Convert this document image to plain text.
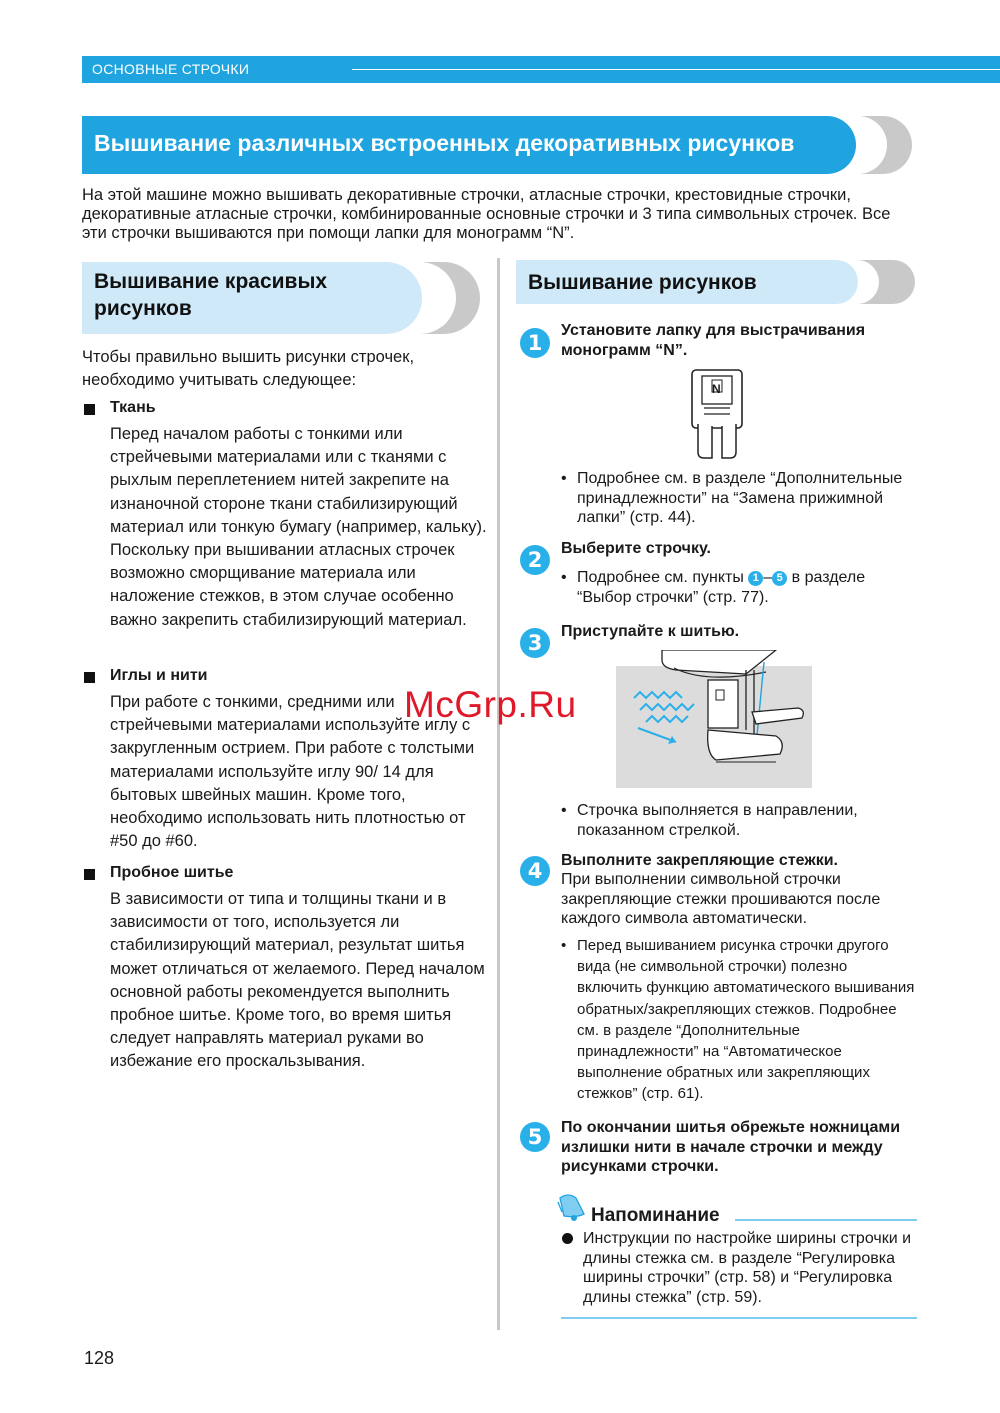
ОСНОВНЫЕ СТРОЧКИ
Вышивание различных встроенных декоративных рисунков
На этой машине можно вышивать декоративные строчки, атласные строчки, крестовидные строчки, декоративные атласные строчки, комбинированные основные строчки и 3 типа символьных строчек. Все эти строчки вышиваются при помощи лапки для монограмм “N”.
Вышивание красивых
рисунков
Вышивание рисунков
Чтобы правильно вышить рисунки строчек, необходимо учитывать следующее:
Ткань
Перед началом работы с тонкими или стрейчевыми материалами или с тканями с рыхлым переплетением нитей закрепите на изнаночной стороне ткани стабилизирующий материал или тонкую бумагу (например, кальку). Поскольку при вышивании атласных строчек возможно сморщивание материала или наложение стежков, в этом случае особенно важно закрепить стабилизирующий материал.
Иглы и нити
При работе с тонкими, средними или стрейчевыми материалами используйте иглу с закругленным острием. При работе с толстыми материалами используйте иглу 90/ 14 для бытовых швейных машин. Кроме того, необходимо использовать нить плотностью от #50 до #60.
Пробное шитье
В зависимости от типа и толщины ткани и в зависимости от того, используется ли стабилизирующий материал, результат шитья может отличаться от желаемого. Перед началом основной работы рекомендуется выполнить пробное шитье. Кроме того, во время шитья следует направлять материал руками во избежание его проскальзывания.
1
Установите лапку для выстрачивания монограмм “N”.
N
• Подробнее см. в разделе “Дополнительные принадлежности” на “Замена прижимной лапки” (стр. 44).
2	Выберите строчку.
• Подробнее см. пункты 1 – 5 в разделе “Выбор строчки” (стр. 77).
3	Приступайте к шитью.
• Строчка выполняется в направлении, показанном стрелкой.
4	Выполните закрепляющие стежки.
При выполнении символьной строчки закрепляющие стежки прошиваются после каждого символа автоматически.
• Перед вышиванием рисунка строчки другого вида (не символьной строчки) полезно включить функцию автоматического вышивания обратных/закрепляющих стежков. Подробнее см. в разделе “Дополнительные принадлежности” на “Автоматическое выполнение обратных или закрепляющих стежков” (стр. 61).
5	По окончании шитья обрежьте ножницами излишки нити в начале строчки и между рисунками строчки.
Напоминание
Инструкции по настройке ширины строчки и длины стежка см. в разделе “Регулировка ширины строчки” (стр. 58) и “Регулировка длины стежка” (стр. 59).
128
McGrp.Ru
